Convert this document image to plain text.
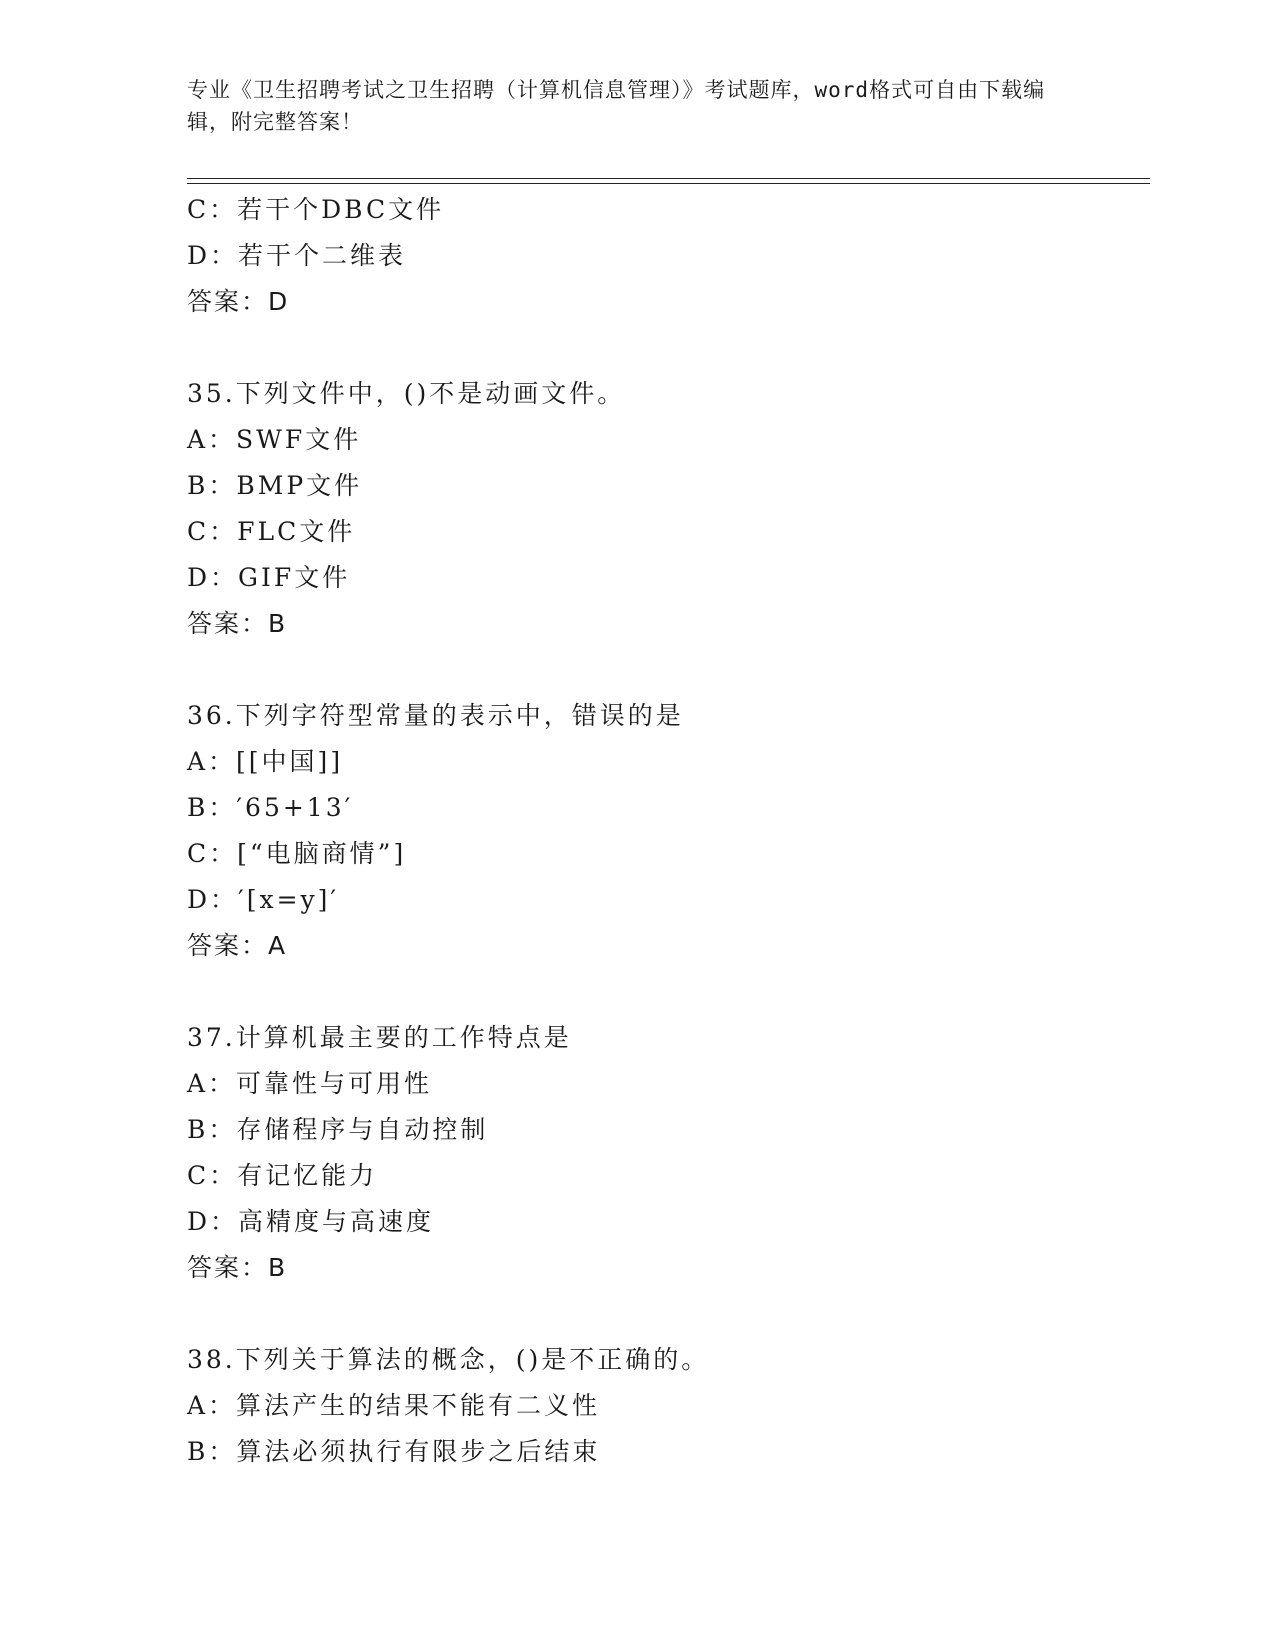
专业《卫生招聘考试之卫生招聘（计算机信息管理）》考试题库，word格式可自由下载编辑，附完整答案！
C：若干个DBC文件
D：若干个二维表
答案：D
35.下列文件中，()不是动画文件。
A：SWF文件
B：BMP文件
C：FLC文件
D：GIF文件
答案：B
36.下列字符型常量的表示中，错误的是
A：[[中国]]
B：′65+13′
C：[“电脑商情”]
D：′[x=y]′
答案：A
37.计算机最主要的工作特点是
A：可靠性与可用性
B：存储程序与自动控制
C：有记忆能力
D：高精度与高速度
答案：B
38.下列关于算法的概念，()是不正确的。
A：算法产生的结果不能有二义性
B：算法必须执行有限步之后结束
